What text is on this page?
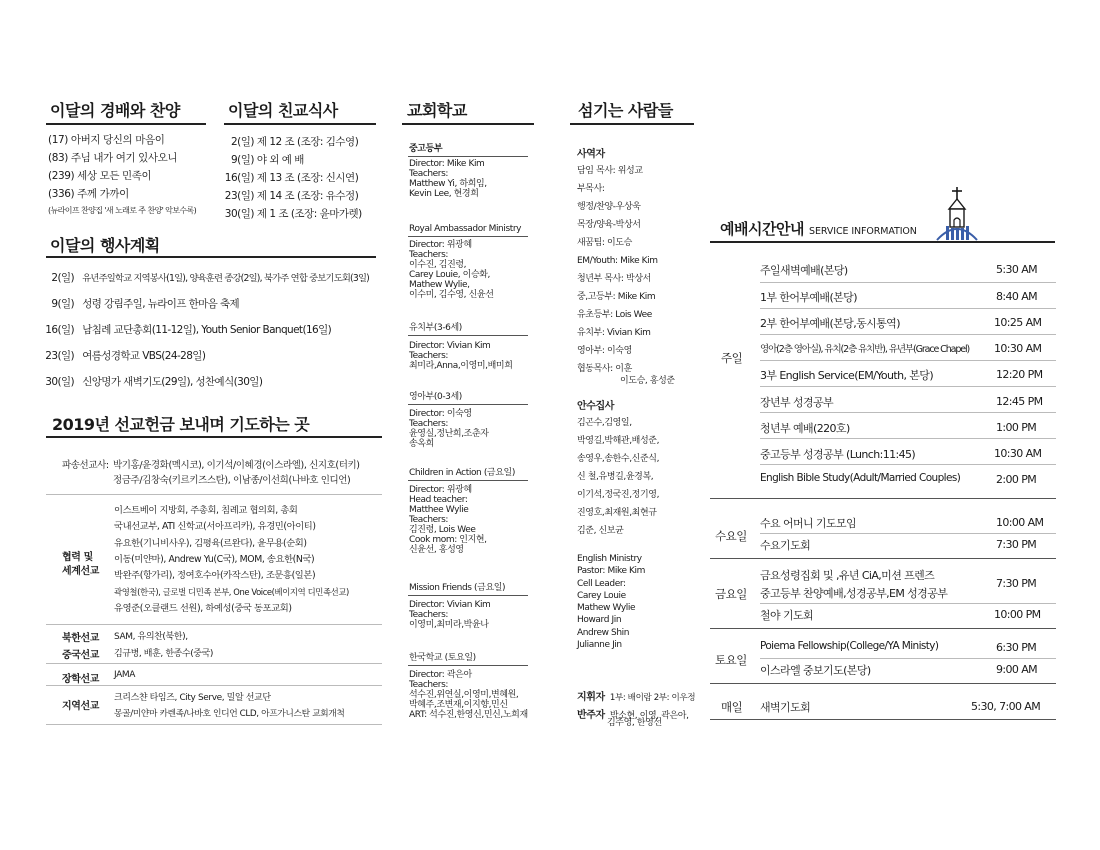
이달의 경배와 찬양
(17) 아버지 당신의 마음이
(83) 주님 내가 여기 있사오니
(239) 세상 모든 민족이
(336) 주께 가까이
(뉴라이프 찬양집 '새 노래로 주 찬양' 악보수록)
이달의 친교식사
2(일) 제 12 조 (조장: 김수영)
9(일) 야 외 예 배
16(일) 제 13 조 (조장: 신시연)
23(일) 제 14 조 (조장: 유수정)
30(일) 제 1 조 (조장: 윤마가렛)
이달의 행사계획
2(일) 유년주일학교 지역봉사(1일), 양육훈련 종강(2일), 북가주 연합 중보기도회(3일)
9(일) 성령 강림주일, 뉴라이프 한마음 축제
16(일) 남침례 교단총회(11-12일), Youth Senior Banquet(16일)
23(일) 여름성경학교 VBS(24-28일)
30(일) 신앙명가 새벽기도(29일), 성찬예식(30일)
2019년 선교헌금 보내며 기도하는 곳
파송선교사: 박기홍/윤경화(멕시코), 이기석/이혜경(이스라엘), 신지호(터키)
정금주/김창숙(키르키즈스탄), 이남종/이선희(나바호 인디언)
협력 및
세계선교
이스트베이 지방회, 주총회, 침례교 협의회, 총회
국내선교부, ATI 신학교(서아프리카), 유경민(아이티)
유요한(기니비사우), 김평육(르완다), 윤무용(순회)
이동(미얀마), Andrew Yu(C국), MOM, 송요한(N국)
박완주(항가리), 정여호수아(카작스탄), 조문흥(일본)
곽영철(한국), 글로벌 디민족 본부, One Voice(베이지역 디민족선교)
유영준(오클랜드 선원), 하예성(중국 동포교회)
북한선교 SAM, 유의찬(북한),
중국선교 김규병, 배훈, 한종수(중국)
장학선교 JAMA
지역선교
크리스챤 타임즈, City Serve, 밀알 선교단
몽골/미얀마 카렌족/나바호 인디언 CLD, 아프가니스탄 교회개척
교회학교
중고등부
Director: Mike Kim
Teachers:
Matthew Yi, 하희임,
Kevin Lee, 현경희
Royal Ambassador Ministry
Director: 위광혜
Teachers:
이수진, 김진령,
Carey Louie, 이승화,
Mathew Wylie,
이수미, 김수영, 신윤선
유치부(3-6세)
Director: Vivian Kim
Teachers:
최미라,Anna,이영미,배미희
영아부(0-3세)
Director: 이숙영
Teachers:
윤영실,정난희,조춘자
송옥희
Children in Action (금요일)
Director: 위광혜
Head teacher:
Matthee Wylie
Teachers:
김진령, Lois Wee
Cook mom: 인지현,
신윤선, 홍성영
Mission Friends (금요일)
Director: Vivian Kim
Teachers:
이영미,최미라,박윤나
한국학교 (토요일)
Director: 곽은아
Teachers:
석수진,위연실,이영미,변혜원,
박혜주,조변재,이지향,민신
ART: 석수진,한영신,민신,노희재
섬기는 사람들
사역자
담임 목사: 위성교
부목사:
행정/찬양-우상욱
목장/양육-박상서
새꿈팀: 이도승
EM/Youth: Mike Kim
청년부 목사: 박상서
중,고등부: Mike Kim
유초등부: Lois Wee
유치부: Vivian Kim
영아부: 이숙영
협동목사: 이훈
이도승, 홍성준
안수집사
김곤수,김영일,
박영길,박해관,배성준,
송영우,송한수,신준식,
신 철,유병길,윤경복,
이기석,정국진,정기영,
진영호,최재원,최현규
김준, 신보균
English Ministry
Pastor: Mike Kim
Cell Leader:
Carey Louie
Mathew Wylie
Howard Jin
Andrew Shin
Julianne Jin
지휘자 1부: 배이람 2부: 이우정
반주자 박소현, 이영, 곽은아,
김주영, 한영선
예배시간안내 SERVICE INFORMATION
주일
주일새벽예배(본당)	5:30 AM
1부 한어부예배(본당)	8:40 AM
2부 한어부예배(본당,동시통역)	10:25 AM
영아(2층 영아실), 유치(2층 유치반), 유년부(Grace Chapel) 10:30 AM
3부 English Service(EM/Youth, 본당)	12:20 PM
장년부 성경공부	12:45 PM
청년부 예배(220호)	1:00 PM
중고등부 성경공부 (Lunch:11:45)	10:30 AM
English Bible Study(Adult/Married Couples)	2:00 PM
수요일
수요 어머니 기도모임	10:00 AM
수요기도회	7:30 PM
금요일
금요성령집회 및 ,유년 CiA,미션 프렌즈
중고등부 찬양예배,성경공부,EM 성경공부
7:30 PM
철야 기도회	10:00 PM
토요일
Poiema Fellowship(College/YA Ministy)	6:30 PM
이스라엘 중보기도(본당)	9:00 AM
매일 새벽기도회	5:30, 7:00 AM
